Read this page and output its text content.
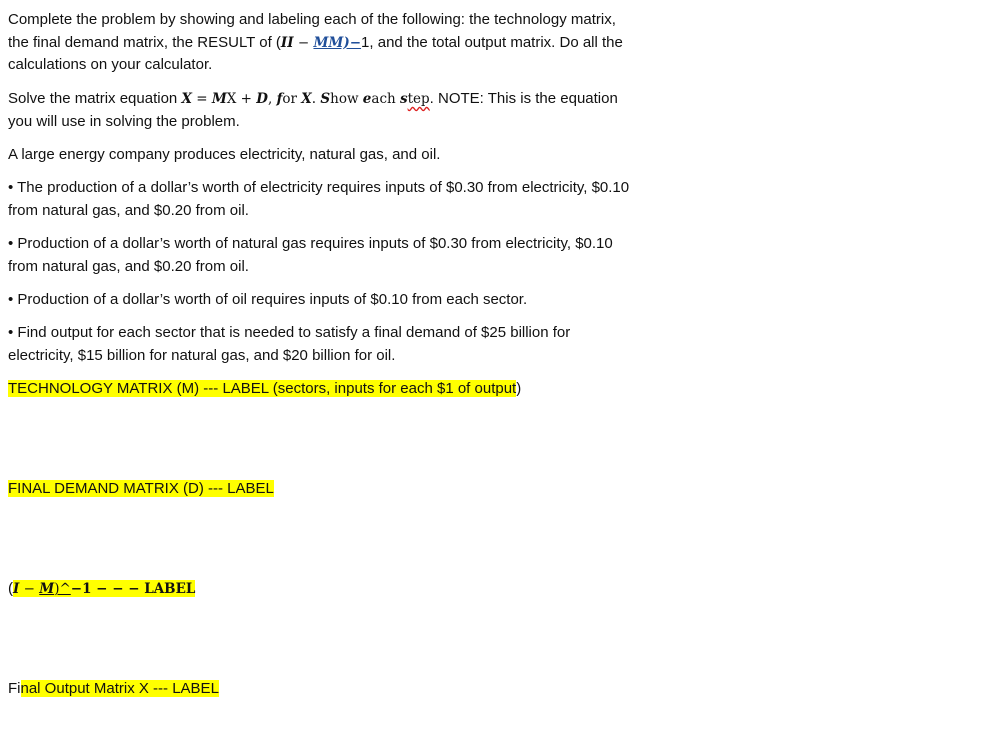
Complete the problem by showing and labeling each of the following: the technology matrix, the final demand matrix, the RESULT of (II − MM)−1, and the total output matrix. Do all the calculations on your calculator.

Solve the matrix equation X = MX + D, for X. Show each step. NOTE: This is the equation you will use in solving the problem.

A large energy company produces electricity, natural gas, and oil.

• The production of a dollar’s worth of electricity requires inputs of $0.30 from electricity, $0.10 from natural gas, and $0.20 from oil.

• Production of a dollar’s worth of natural gas requires inputs of $0.30 from electricity, $0.10 from natural gas, and $0.20 from oil.

• Production of a dollar’s worth of oil requires inputs of $0.10 from each sector.

• Find output for each sector that is needed to satisfy a final demand of $25 billion for electricity, $15 billion for natural gas, and $20 billion for oil.

TECHNOLOGY MATRIX (M) --- LABEL (sectors, inputs for each $1 of output)

FINAL DEMAND MATRIX (D) --- LABEL

(I − M)^−1 − − − LABEL

Final Output Matrix X --- LABEL
